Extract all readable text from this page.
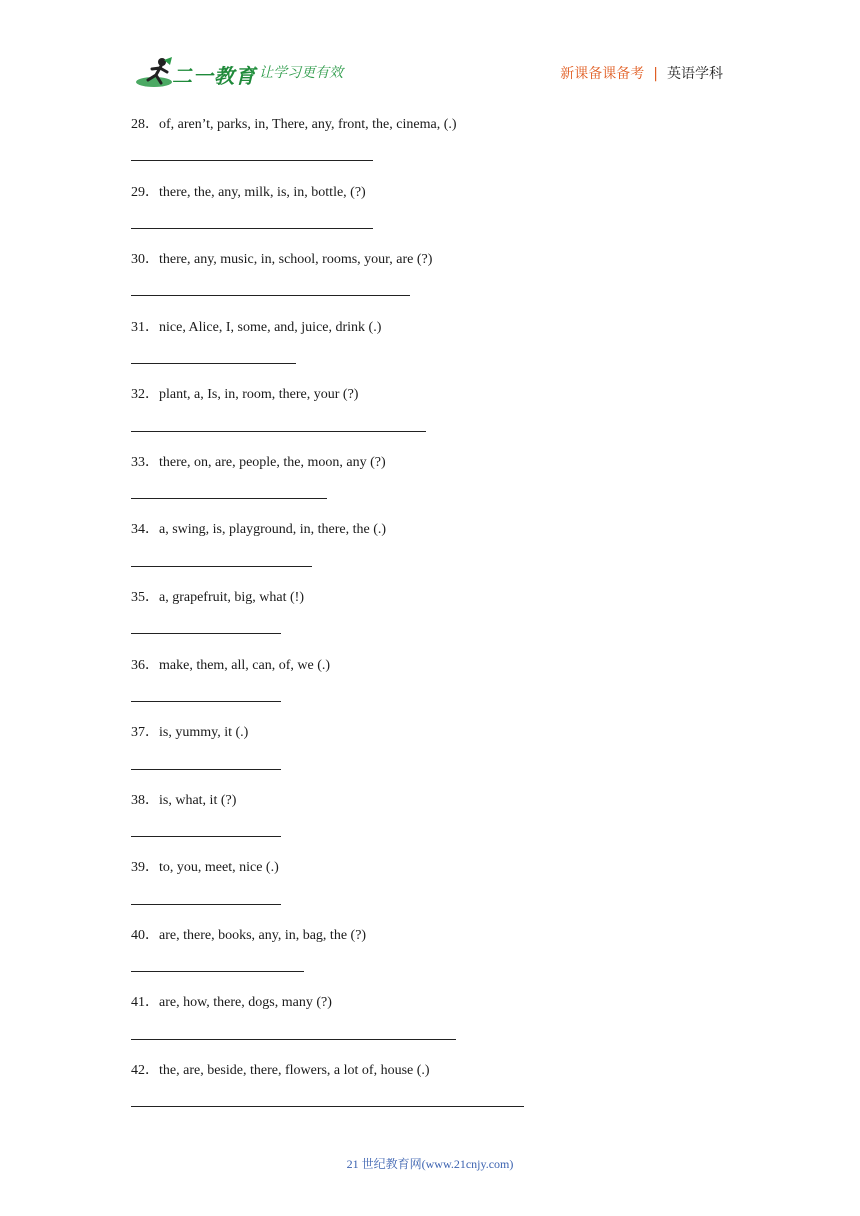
二一教育
/ 让学习更有效	新课备课备考 | 英语学科
28．of, aren’t, parks, in, There, any, front, the, cinema, (.)
29．there, the, any, milk, is, in, bottle, (?)
30．there, any, music, in, school, rooms, your, are (?)
31．nice, Alice, I, some, and, juice, drink (.)
32．plant, a, Is, in, room, there, your (?)
33．there, on, are, people, the, moon, any (?)
34．a, swing, is, playground, in, there, the (.)
35．a, grapefruit, big, what (!)
36．make, them, all, can, of, we (.)
37．is, yummy, it (.)
38．is, what, it (?)
39．to, you, meet, nice (.)
40．are, there, books, any, in, bag, the (?)
41．are, how, there, dogs, many (?)
42．the, are, beside, there, flowers, a lot of, house (.)
21 世纪教育网(www.21cnjy.com)
